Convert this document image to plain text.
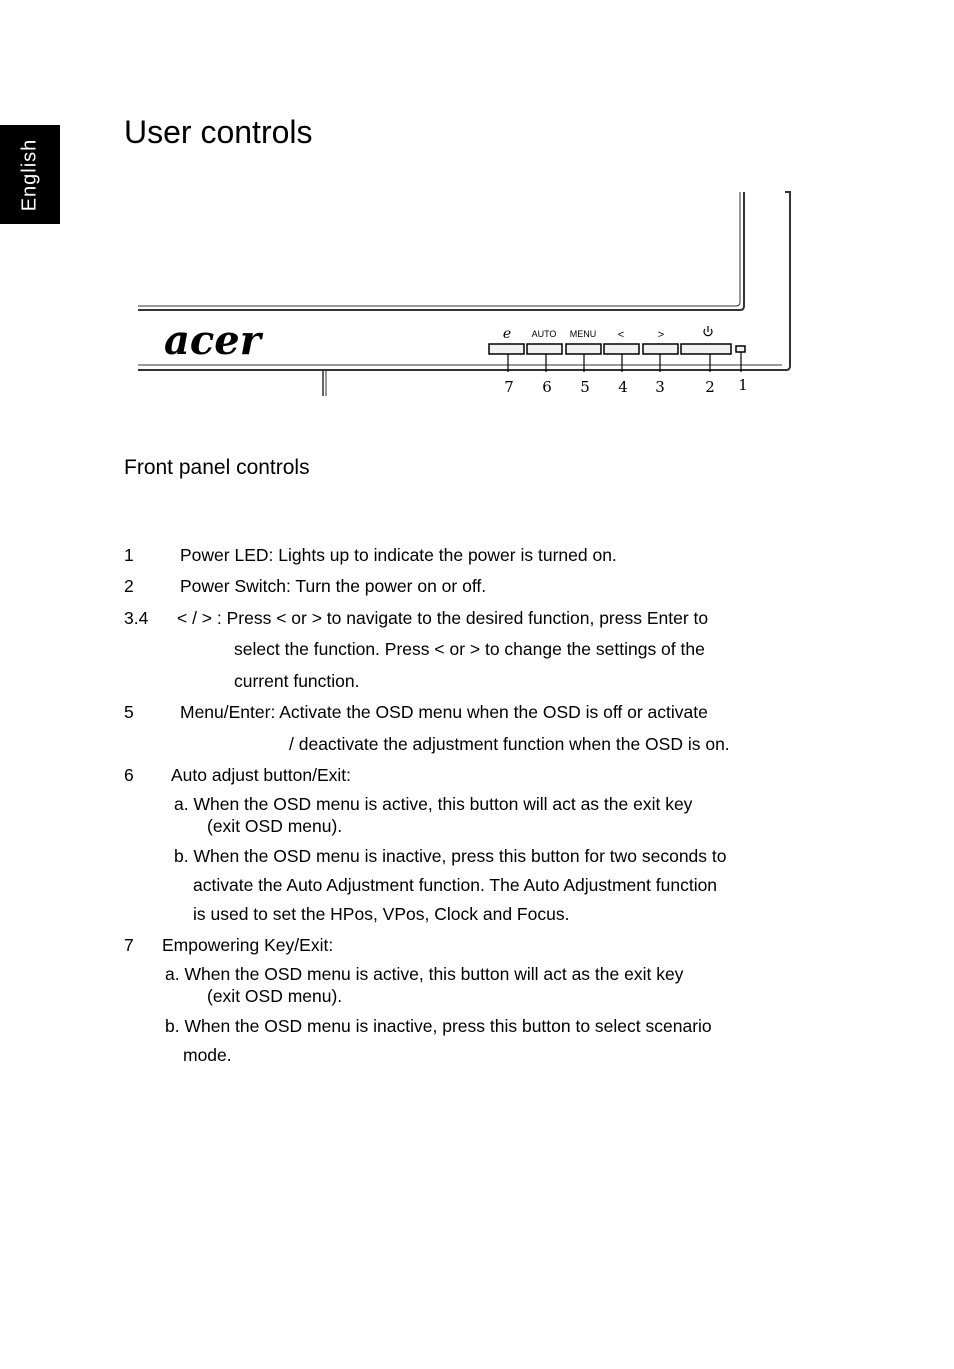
English
User controls
acer	e AUTO MENU <	>
7 6 5 4 3	2 1
Front panel controls
1	Power LED: Lights up to indicate the power is turned on.
2	Power Switch: Turn the power on or off.
3.4 < / > : Press < or > to navigate to the desired function, press Enter to
select the function. Press < or > to change the settings of the
current function.
5	Menu/Enter: Activate the OSD menu when the OSD is off or activate
/ deactivate the adjustment function when the OSD is on.
6 Auto adjust button/Exit:
a. When the OSD menu is active, this button will act as the exit key
(exit OSD menu).
b. When the OSD menu is inactive, press this button for two seconds to
activate the Auto Adjustment function. The Auto Adjustment function
is used to set the HPos, VPos, Clock and Focus.
7 Empowering Key/Exit:
a. When the OSD menu is active, this button will act as the exit key
(exit OSD menu).
b. When the OSD menu is inactive, press this button to select scenario
mode.
